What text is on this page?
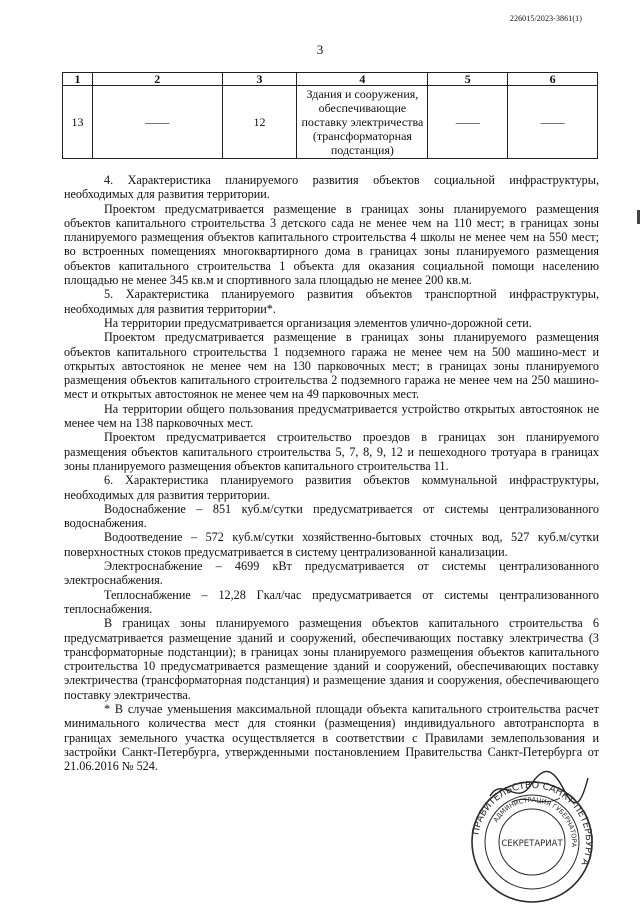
226015/2023-3861(1)
3
1	2	3	4	5	6
13	——	12	Здания и сооружения, обеспечивающие поставку электричества (трансформаторная подстанция)	——	——

4. Характеристика планируемого развития объектов социальной инфраструктуры, необходимых для развития территории.

Проектом предусматривается размещение в границах зоны планируемого размещения объектов капитального строительства 3 детского сада не менее чем на 110 мест; в границах зоны планируемого размещения объектов капитального строительства 4 школы не менее чем на 550 мест; во встроенных помещениях многоквартирного дома в границах зоны планируемого размещения объектов капитального строительства 1 объекта для оказания социальной помощи населению площадью не менее 345 кв.м и спортивного зала площадью не менее 200 кв.м.

5. Характеристика планируемого развития объектов транспортной инфраструктуры, необходимых для развития территории*.

На территории предусматривается организация элементов улично-дорожной сети.

Проектом предусматривается размещение в границах зоны планируемого размещения объектов капитального строительства 1 подземного гаража не менее чем на 500 машино-мест и открытых автостоянок не менее чем на 130 парковочных мест; в границах зоны планируемого размещения объектов капитального строительства 2 подземного гаража не менее чем на 250 машино-мест и открытых автостоянок не менее чем на 49 парковочных мест.

На территории общего пользования предусматривается устройство открытых автостоянок не менее чем на 138 парковочных мест.

Проектом предусматривается строительство проездов в границах зон планируемого размещения объектов капитального строительства 5, 7, 8, 9, 12 и пешеходного тротуара в границах зоны планируемого размещения объектов капитального строительства 11.

6. Характеристика планируемого развития объектов коммунальной инфраструктуры, необходимых для развития территории.

Водоснабжение – 851 куб.м/сутки предусматривается от системы централизованного водоснабжения.

Водоотведение – 572 куб.м/сутки хозяйственно-бытовых сточных вод, 527 куб.м/сутки поверхностных стоков предусматривается в систему централизованной канализации.

Электроснабжение – 4699 кВт предусматривается от системы централизованного электроснабжения.

Теплоснабжение – 12,28 Гкал/час предусматривается от системы централизованного теплоснабжения.

В границах зоны планируемого размещения объектов капитального строительства 6 предусматривается размещение зданий и сооружений, обеспечивающих поставку электричества (3 трансформаторные подстанции); в границах зоны планируемого размещения объектов капитального строительства 10 предусматривается размещение зданий и сооружений, обеспечивающих поставку электричества (трансформаторная подстанция) и размещение здания и сооружения, обеспечивающего поставку электричества.

* В случае уменьшения максимальной площади объекта капитального строительства расчет минимального количества мест для стоянки (размещения) индивидуального автотранспорта в границах земельного участка осуществляется в соответствии с Правилами землепользования и застройки Санкт-Петербурга, утвержденными постановлением Правительства Санкт-Петербурга от 21.06.2016 № 524.

ПРАВИТЕЛЬСТВО САНКТ-ПЕТЕРБУРГА
АДМИНИСТРАЦИЯ ГУБЕРНАТОРА
СЕКРЕТАРИАТ
